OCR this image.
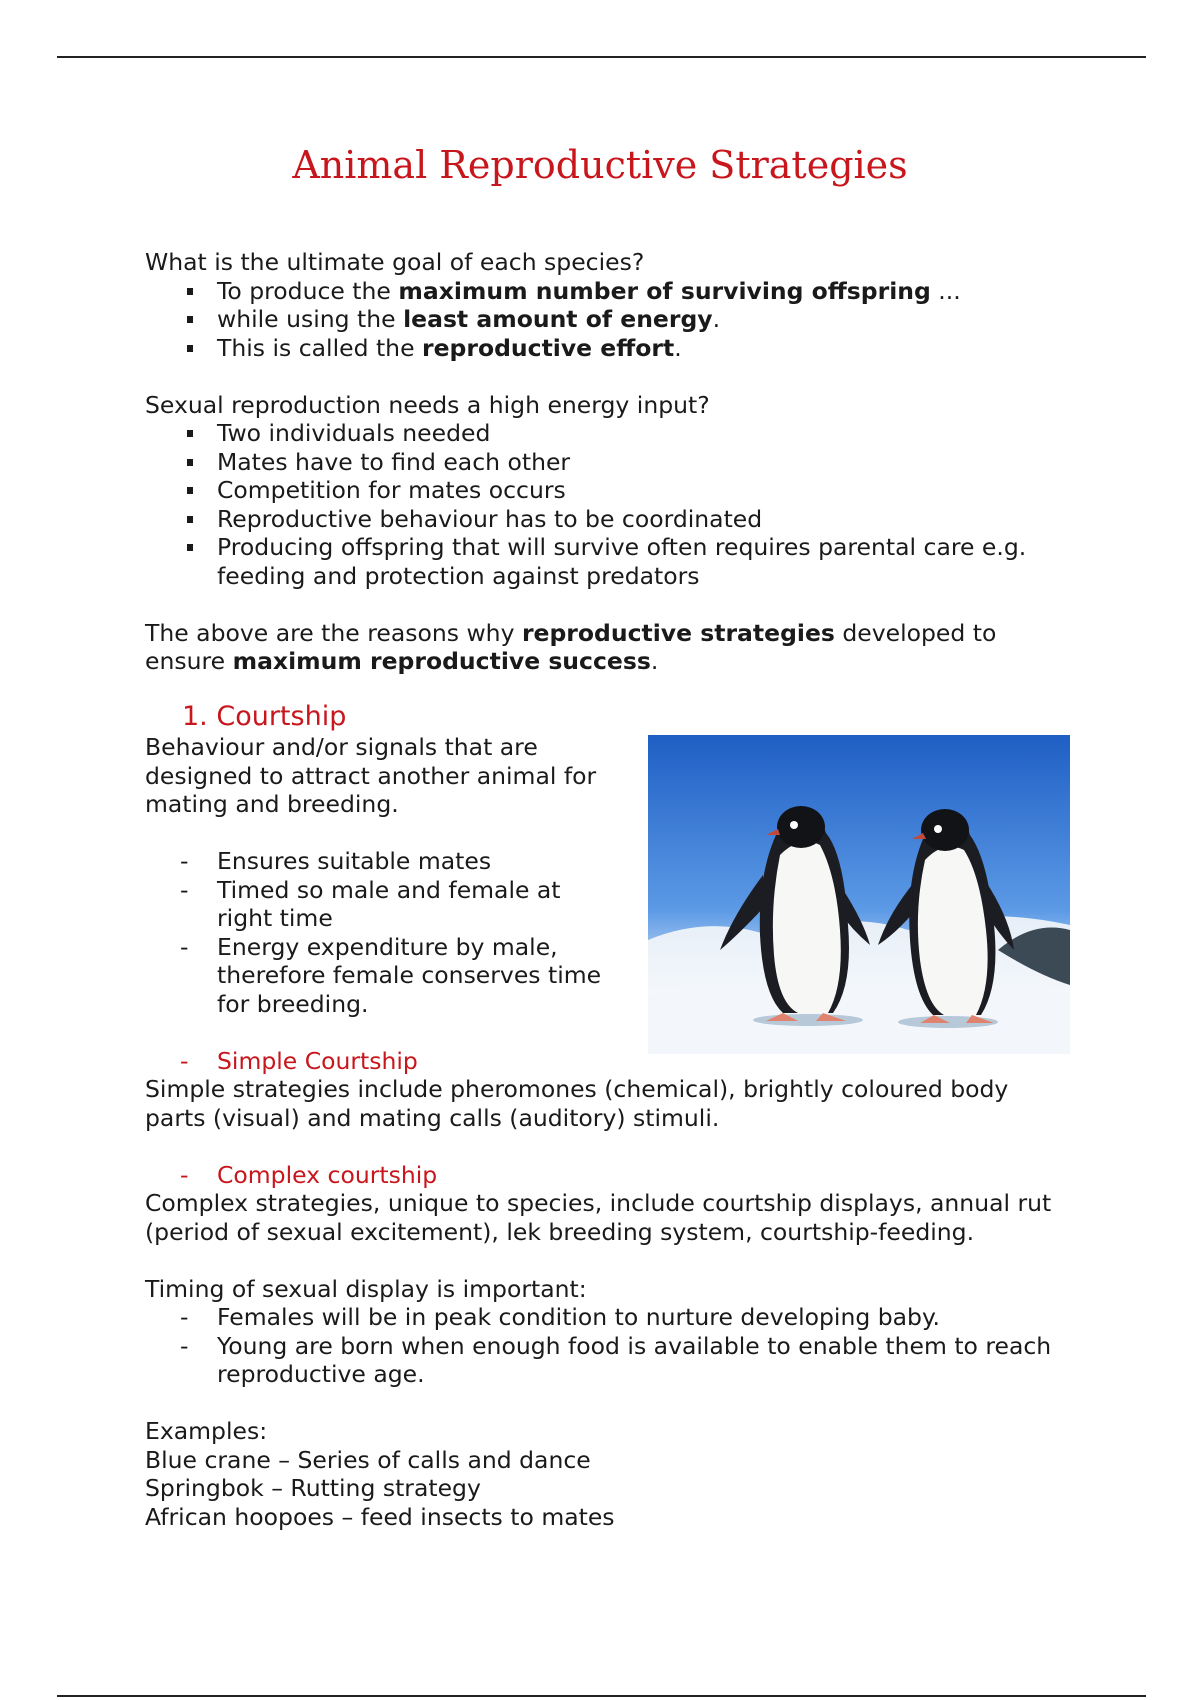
Animal Reproductive Strategies

What is the ultimate goal of each species?

To produce the maximum number of surviving offspring ...
while using the least amount of energy.
This is called the reproductive effort.

Sexual reproduction needs a high energy input?

Two individuals needed
Mates have to find each other
Competition for mates occurs
Reproductive behaviour has to be coordinated
Producing offspring that will survive often requires parental care e.g. feeding and protection against predators

The above are the reasons why reproductive strategies developed to ensure maximum reproductive success.

1. Courtship

Behaviour and/or signals that are designed to attract another animal for mating and breeding.

- Ensures suitable mates
- Timed so male and female at right time
- Energy expenditure by male, therefore female conserves time for breeding.
- Simple Courtship

Simple strategies include pheromones (chemical), brightly coloured body parts (visual) and mating calls (auditory) stimuli.

- Complex courtship

Complex strategies, unique to species, include courtship displays, annual rut (period of sexual excitement), lek breeding system, courtship-feeding.

Timing of sexual display is important:

- Females will be in peak condition to nurture developing baby.
- Young are born when enough food is available to enable them to reach reproductive age.

Examples:

Blue crane – Series of calls and dance

Springbok – Rutting strategy

African hoopoes – feed insects to mates
